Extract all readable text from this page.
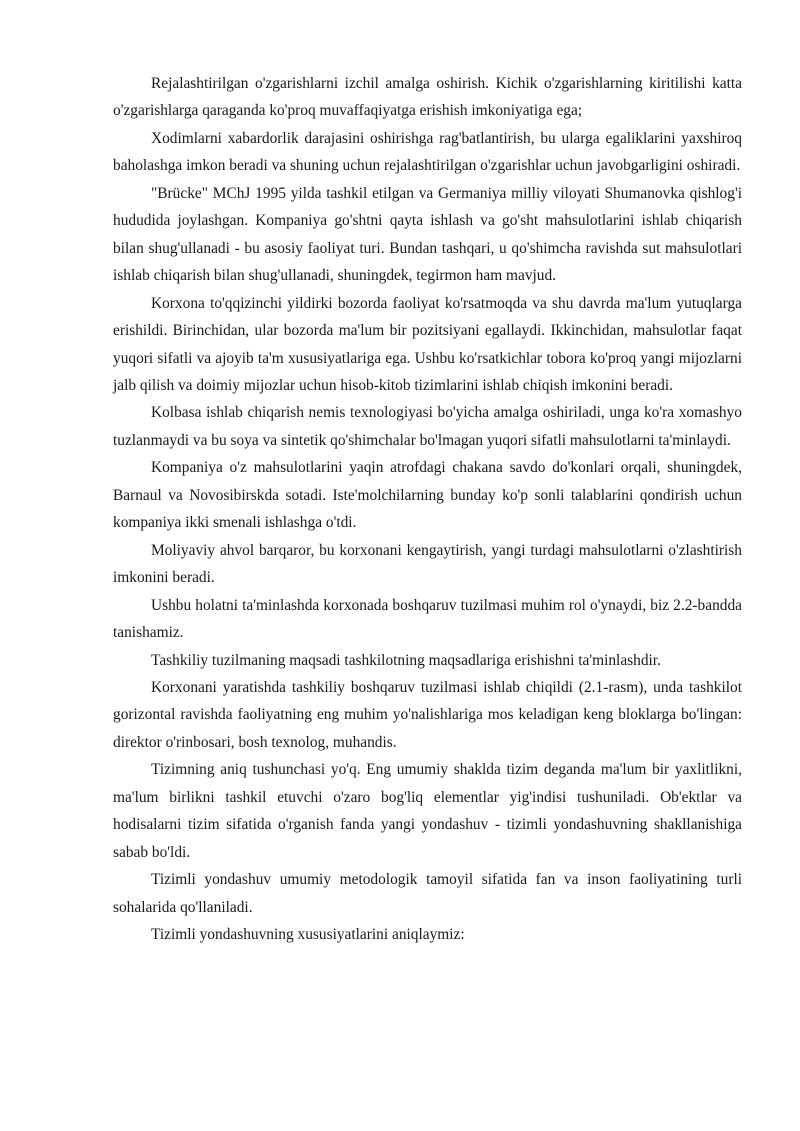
Rejalashtirilgan o'zgarishlarni izchil amalga oshirish. Kichik o'zgarishlarning kiritilishi katta o'zgarishlarga qaraganda ko'proq muvaffaqiyatga erishish imkoniyatiga ega;

Xodimlarni xabardorlik darajasini oshirishga rag'batlantirish, bu ularga egaliklarini yaxshiroq baholashga imkon beradi va shuning uchun rejalashtirilgan o'zgarishlar uchun javobgarligini oshiradi.

"Brücke" MChJ 1995 yilda tashkil etilgan va Germaniya milliy viloyati Shumanovka qishlog'i hududida joylashgan. Kompaniya go'shtni qayta ishlash va go'sht mahsulotlarini ishlab chiqarish bilan shug'ullanadi - bu asosiy faoliyat turi. Bundan tashqari, u qo'shimcha ravishda sut mahsulotlari ishlab chiqarish bilan shug'ullanadi, shuningdek, tegirmon ham mavjud.

Korxona to'qqizinchi yildirki bozorda faoliyat ko'rsatmoqda va shu davrda ma'lum yutuqlarga erishildi. Birinchidan, ular bozorda ma'lum bir pozitsiyani egallaydi. Ikkinchidan, mahsulotlar faqat yuqori sifatli va ajoyib ta'm xususiyatlariga ega. Ushbu ko'rsatkichlar tobora ko'proq yangi mijozlarni jalb qilish va doimiy mijozlar uchun hisob-kitob tizimlarini ishlab chiqish imkonini beradi.

Kolbasa ishlab chiqarish nemis texnologiyasi bo'yicha amalga oshiriladi, unga ko'ra xomashyo tuzlanmaydi va bu soya va sintetik qo'shimchalar bo'lmagan yuqori sifatli mahsulotlarni ta'minlaydi.

Kompaniya o'z mahsulotlarini yaqin atrofdagi chakana savdo do'konlari orqali, shuningdek, Barnaul va Novosibirskda sotadi. Iste'molchilarning bunday ko'p sonli talablarini qondirish uchun kompaniya ikki smenali ishlashga o'tdi.

Moliyaviy ahvol barqaror, bu korxonani kengaytirish, yangi turdagi mahsulotlarni o'zlashtirish imkonini beradi.

Ushbu holatni ta'minlashda korxonada boshqaruv tuzilmasi muhim rol o'ynaydi, biz 2.2-bandda tanishamiz.

Tashkiliy tuzilmaning maqsadi tashkilotning maqsadlariga erishishni ta'minlashdir.

Korxonani yaratishda tashkiliy boshqaruv tuzilmasi ishlab chiqildi (2.1-rasm), unda tashkilot gorizontal ravishda faoliyatning eng muhim yo'nalishlariga mos keladigan keng bloklarga bo'lingan: direktor o'rinbosari, bosh texnolog, muhandis.

Tizimning aniq tushunchasi yo'q. Eng umumiy shaklda tizim deganda ma'lum bir yaxlitlikni, ma'lum birlikni tashkil etuvchi o'zaro bog'liq elementlar yig'indisi tushuniladi. Ob'ektlar va hodisalarni tizim sifatida o'rganish fanda yangi yondashuv - tizimli yondashuvning shakllanishiga sabab bo'ldi.

Tizimli yondashuv umumiy metodologik tamoyil sifatida fan va inson faoliyatining turli sohalarida qo'llaniladi.

Tizimli yondashuvning xususiyatlarini aniqlaymiz:
